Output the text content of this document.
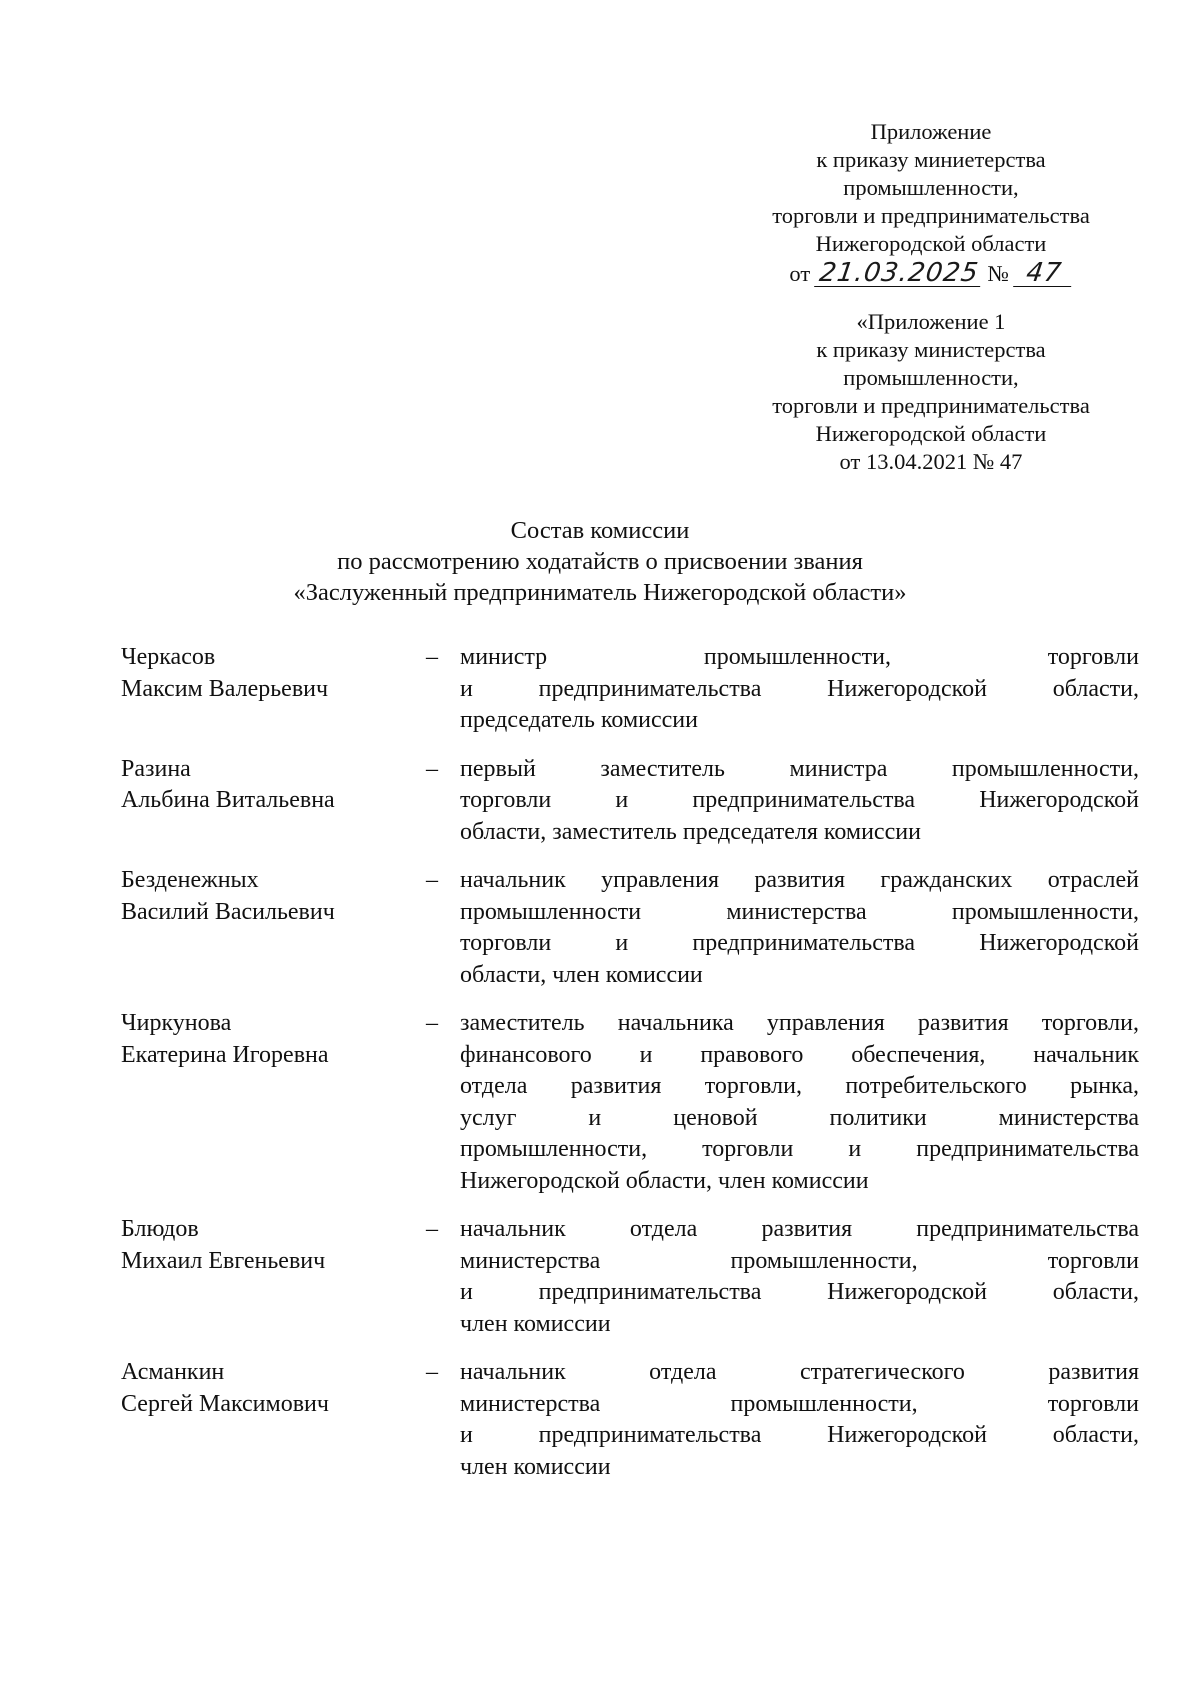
Приложение
к приказу миниетерства
промышленности,
торговли и предпринимательства
Нижегородской области
от 21.03.2025 № 47
«Приложение 1
к приказу министерства
промышленности,
торговли и предпринимательства
Нижегородской области
от 13.04.2021 № 47
Состав комиссии
по рассмотрению ходатайств о присвоении звания
«Заслуженный предприниматель Нижегородской области»
Черкасов
Максим Валерьевич
– министр промышленности, торговли
и предпринимательства Нижегородской области,
председатель комиссии
Разина
Альбина Витальевна
– первый заместитель министра промышленности,
торговли и предпринимательства Нижегородской
области, заместитель председателя комиссии
Безденежных
Василий Васильевич
– начальник управления развития гражданских отраслей
промышленности министерства промышленности,
торговли и предпринимательства Нижегородской
области, член комиссии
Чиркунова
Екатерина Игоревна
– заместитель начальника управления развития торговли,
финансового и правового обеспечения, начальник
отдела развития торговли, потребительского рынка,
услуг и ценовой политики министерства
промышленности, торговли и предпринимательства
Нижегородской области, член комиссии
Блюдов
Михаил Евгеньевич
– начальник отдела развития предпринимательства
министерства промышленности, торговли
и предпринимательства Нижегородской области,
член комиссии
Асманкин
Сергей Максимович
– начальник отдела стратегического развития
министерства промышленности, торговли
и предпринимательства Нижегородской области,
член комиссии
